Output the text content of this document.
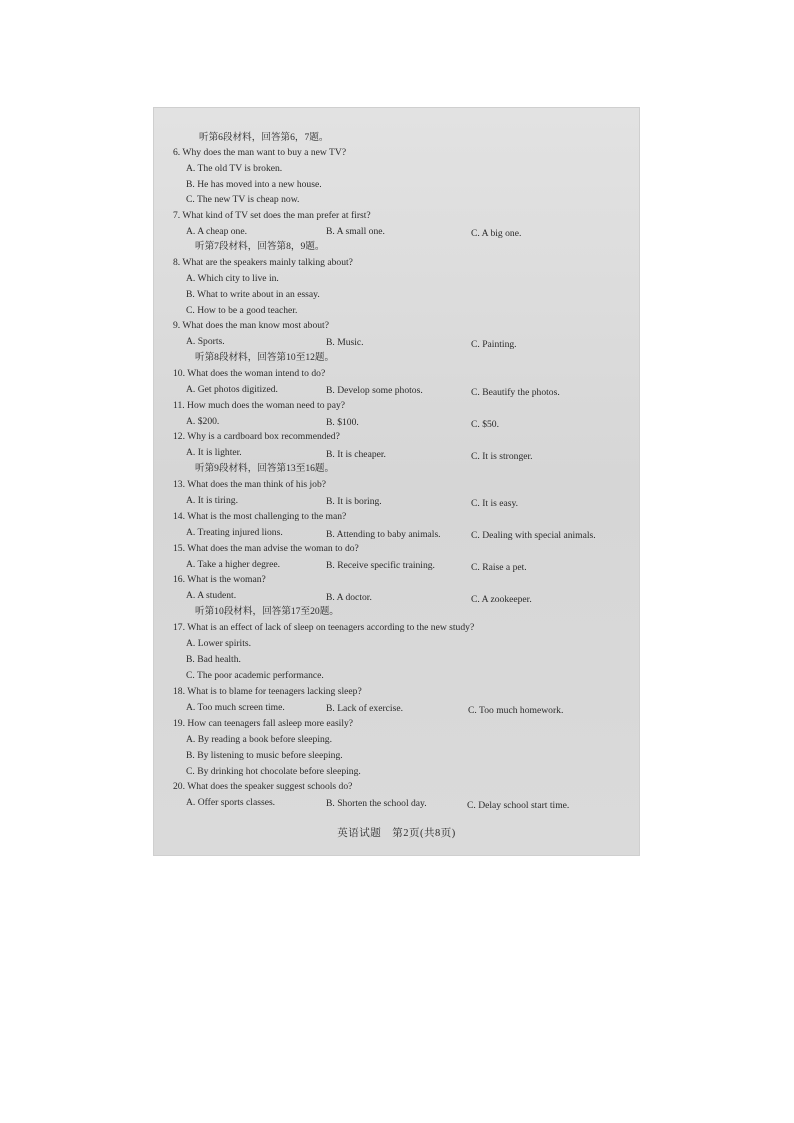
听第6段材料，回答第6，7题。
6. Why does the man want to buy a new TV?
A. The old TV is broken.
B. He has moved into a new house.
C. The new TV is cheap now.
7. What kind of TV set does the man prefer at first?
A. A cheap one.	B. A small one.	C. A big one.
听第7段材料，回答第8，9题。
8. What are the speakers mainly talking about?
A. Which city to live in.
B. What to write about in an essay.
C. How to be a good teacher.
9. What does the man know most about?
A. Sports.	B. Music.	C. Painting.
听第8段材料，回答第10至12题。
10. What does the woman intend to do?
A. Get photos digitized.	B. Develop some photos.	C. Beautify the photos.
11. How much does the woman need to pay?
A. $200.	B. $100.	C. $50.
12. Why is a cardboard box recommended?
A. It is lighter.	B. It is cheaper.	C. It is stronger.
听第9段材料，回答第13至16题。
13. What does the man think of his job?
A. It is tiring.	B. It is boring.	C. It is easy.
14. What is the most challenging to the man?
A. Treating injured lions.	B. Attending to baby animals.	C. Dealing with special animals.
15. What does the man advise the woman to do?
A. Take a higher degree.	B. Receive specific training.	C. Raise a pet.
16. What is the woman?
A. A student.	B. A doctor.	C. A zookeeper.
听第10段材料，回答第17至20题。
17. What is an effect of lack of sleep on teenagers according to the new study?
A. Lower spirits.
B. Bad health.
C. The poor academic performance.
18. What is to blame for teenagers lacking sleep?
A. Too much screen time.	B. Lack of exercise.	C. Too much homework.
19. How can teenagers fall asleep more easily?
A. By reading a book before sleeping.
B. By listening to music before sleeping.
C. By drinking hot chocolate before sleeping.
20. What does the speaker suggest schools do?
A. Offer sports classes.	B. Shorten the school day.	C. Delay school start time.
英语试题　第2页(共8页)
